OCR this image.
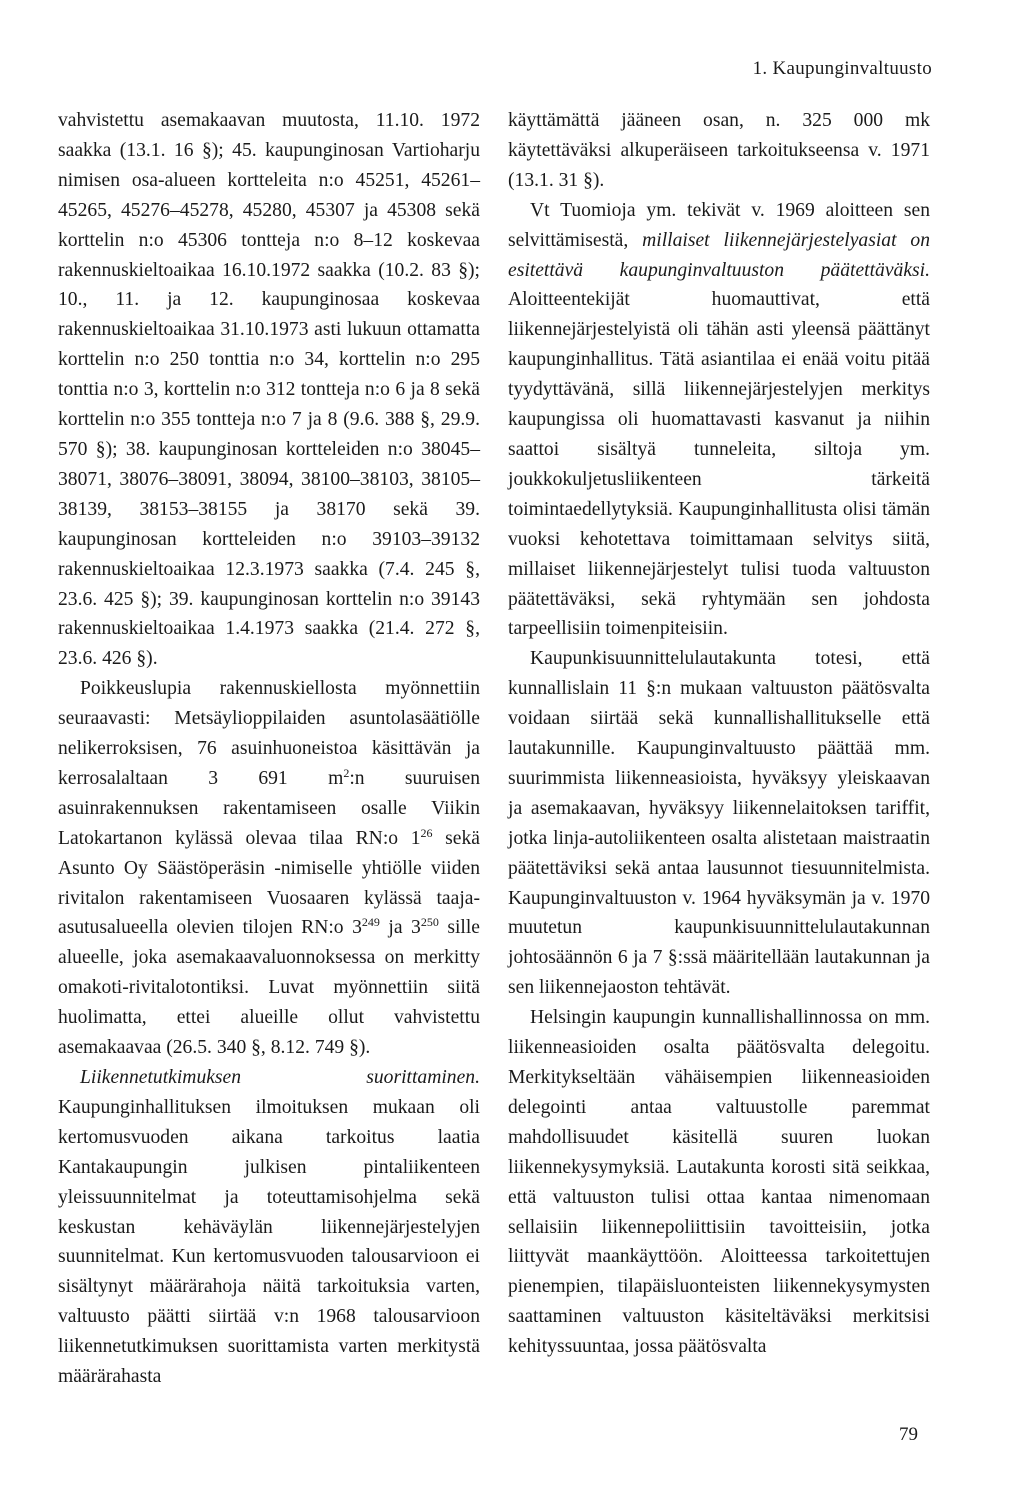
1. Kaupunginvaltuusto

vahvistettu asemakaavan muutosta, 11.10. 1972 saakka (13.1. 16 §); 45. kaupunginosan Vartioharju nimisen osa-alueen kortteleita n:o 45251, 45261–45265, 45276–45278, 45280, 45307 ja 45308 sekä korttelin n:o 45306 tontteja n:o 8–12 koskevaa rakennuskieltoaikaa 16.10.1972 saakka (10.2. 83 §); 10., 11. ja 12. kaupunginosaa koskevaa rakennuskieltoaikaa 31.10.1973 asti lukuun ottamatta korttelin n:o 250 tonttia n:o 34, korttelin n:o 295 tonttia n:o 3, korttelin n:o 312 tontteja n:o 6 ja 8 sekä korttelin n:o 355 tontteja n:o 7 ja 8 (9.6. 388 §, 29.9. 570 §); 38. kaupunginosan kortteleiden n:o 38045–38071, 38076–38091, 38094, 38100–38103, 38105–38139, 38153–38155 ja 38170 sekä 39. kaupunginosan kortteleiden n:o 39103–39132 rakennuskieltoaikaa 12.3.1973 saakka (7.4. 245 §, 23.6. 425 §); 39. kaupunginosan korttelin n:o 39143 rakennuskieltoaikaa 1.4.1973 saakka (21.4. 272 §, 23.6. 426 §).

Poikkeuslupia rakennuskiellosta myönnettiin seuraavasti: Metsäylioppilaiden asuntolasäätiölle nelikerroksisen, 76 asuinhuoneistoa käsittävän ja kerrosalaltaan 3 691 $m^2:n$ suuruisen asuinrakennuksen rakentamiseen osalle Viikin Latokartanon kylässä olevaa tilaa RN:o $1^{26}$ sekä Asunto Oy Säästöperäsin -nimiselle yhtiölle viiden rivitalon rakentamiseen Vuosaaren kylässä taaja-asutusalueella olevien tilojen RN:o $3^{249}$ ja $3^{250}$ sille alueelle, joka asemakaavaluonnoksessa on merkitty omakoti-rivitalotontiksi. Luvat myönnettiin siitä huolimatta, ettei alueille ollut vahvistettu asemakaavaa (26.5. 340 §, 8.12. 749 §).

Liikennetutkimuksen suorittaminen. Kaupunginhallituksen ilmoituksen mukaan oli kertomusvuoden aikana tarkoitus laatia Kantakaupungin julkisen pintaliikenteen yleissuunnitelmat ja toteuttamisohjelma sekä keskustan kehäväylän liikennejärjestelyjen suunnitelmat. Kun kertomusvuoden talousarvioon ei sisältynyt määrärahoja näitä tarkoituksia varten, valtuusto päätti siirtää v:n 1968 talousarvioon liikennetutkimuksen suorittamista varten merkitystä määrärahasta

käyttämättä jääneen osan, n. 325 000 mk käytettäväksi alkuperäiseen tarkoitukseensa v. 1971 (13.1. 31 §).

Vt Tuomioja ym. tekivät v. 1969 aloitteen sen selvittämisestä, millaiset liikennejärjestelyasiat on esitettävä kaupunginvaltuuston päätettäväksi. Aloitteentekijät huomauttivat, että liikennejärjestelyistä oli tähän asti yleensä päättänyt kaupunginhallitus. Tätä asiantilaa ei enää voitu pitää tyydyttävänä, sillä liikennejärjestelyjen merkitys kaupungissa oli huomattavasti kasvanut ja niihin saattoi sisältyä tunneleita, siltoja ym. joukkokuljetusliikenteen tärkeitä toimintaedellytyksiä. Kaupunginhallitusta olisi tämän vuoksi kehotettava toimittamaan selvitys siitä, millaiset liikennejärjestelyt tulisi tuoda valtuuston päätettäväksi, sekä ryhtymään sen johdosta tarpeellisiin toimenpiteisiin.

Kaupunkisuunnittelulautakunta totesi, että kunnallislain 11 §:n mukaan valtuuston päätösvalta voidaan siirtää sekä kunnallishallitukselle että lautakunnille. Kaupunginvaltuusto päättää mm. suurimmista liikenneasioista, hyväksyy yleiskaavan ja asemakaavan, hyväksyy liikennelaitoksen tariffit, jotka linja-autoliikenteen osalta alistetaan maistraatin päätettäviksi sekä antaa lausunnot tiesuunnitelmista. Kaupunginvaltuuston v. 1964 hyväksymän ja v. 1970 muutetun kaupunkisuunnittelulautakunnan johtosäännön 6 ja 7 §:ssä määritellään lautakunnan ja sen liikennejaoston tehtävät.

Helsingin kaupungin kunnallishallinnossa on mm. liikenneasioiden osalta päätösvalta delegoitu. Merkitykseltään vähäisempien liikenneasioiden delegointi antaa valtuustolle paremmat mahdollisuudet käsitellä suuren luokan liikennekysymyksiä. Lautakunta korosti sitä seikkaa, että valtuuston tulisi ottaa kantaa nimenomaan sellaisiin liikennepoliittisiin tavoitteisiin, jotka liittyvät maankäyttöön. Aloitteessa tarkoitettujen pienempien, tilapäisluonteisten liikennekysymysten saattaminen valtuuston käsiteltäväksi merkitsisi kehityssuuntaa, jossa päätösvalta

79
